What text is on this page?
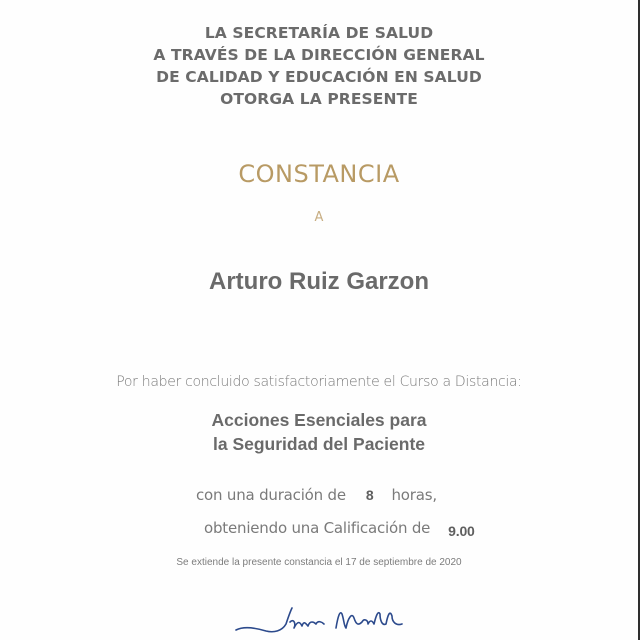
LA SECRETARÍA DE SALUD
A TRAVÉS DE LA DIRECCIÓN GENERAL
DE CALIDAD Y EDUCACIÓN EN SALUD
OTORGA LA PRESENTE
CONSTANCIA
A
Arturo Ruiz Garzon
Por haber concluido satisfactoriamente el Curso a Distancia:
Acciones Esenciales para
la Seguridad del Paciente
con una duración de 8 horas,
obteniendo una Calificación de 9.00
Se extiende la presente constancia el 17 de septiembre de 2020
